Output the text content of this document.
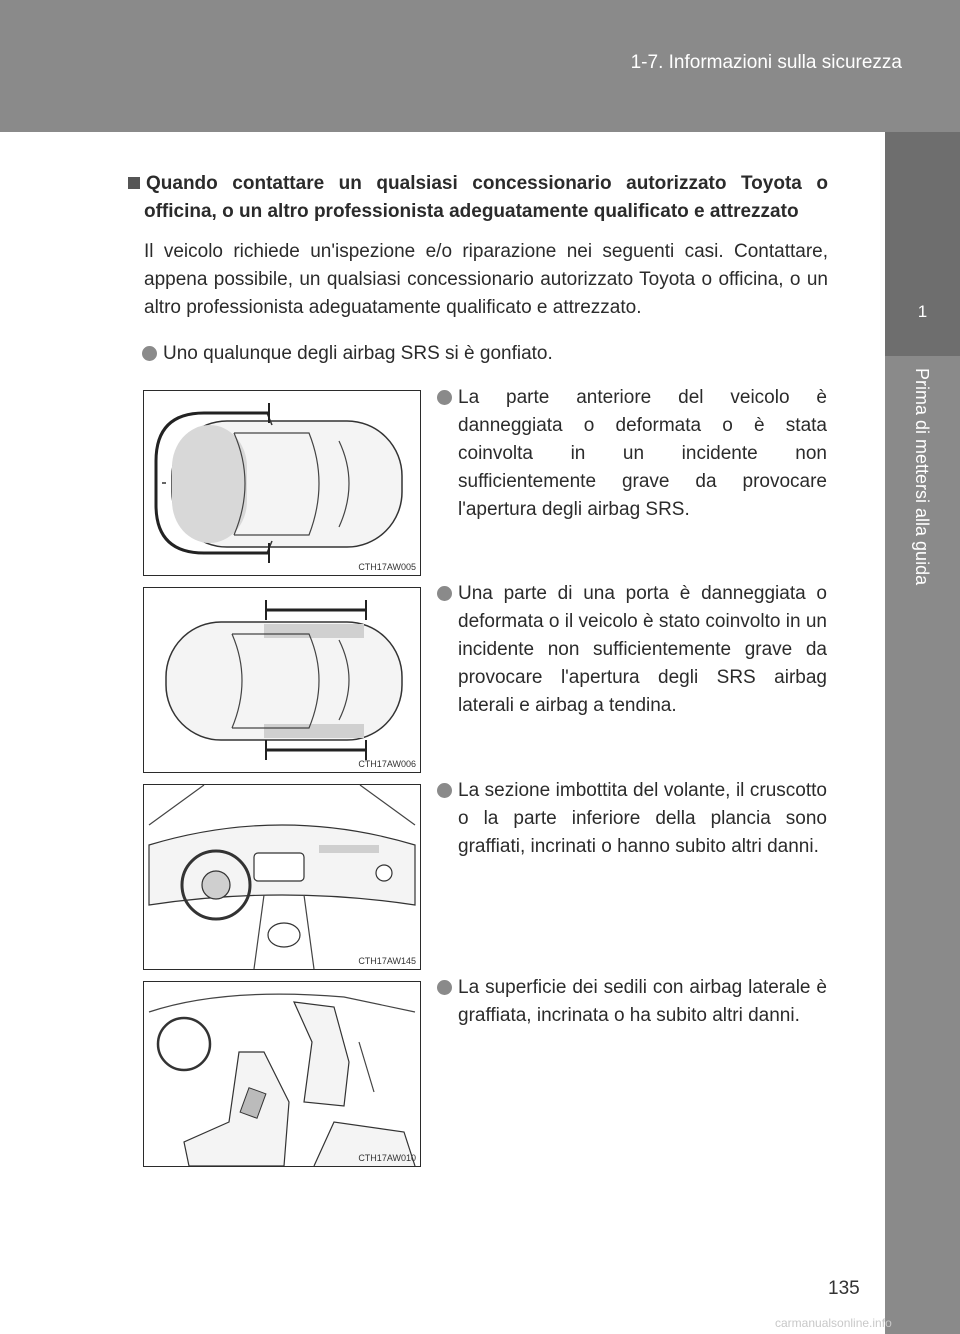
1-7. Informazioni sulla sicurezza
1
Prima di mettersi alla guida
Quando contattare un qualsiasi concessionario autorizzato Toyota o officina, o un altro professionista adeguatamente qualificato e attrezzato
Il veicolo richiede un'ispezione e/o riparazione nei seguenti casi. Contattare, appena possibile, un qualsiasi concessionario autorizzato Toyota o officina, o un altro professionista adeguatamente qualificato e attrezzato.
Uno qualunque degli airbag SRS si è gonfiato.
CTH17AW005
La parte anteriore del veicolo è danneggiata o deformata o è stata coinvolta in un incidente non sufficientemente grave da provocare l'apertura degli airbag SRS.
CTH17AW006
Una parte di una porta è danneggiata o deformata o il veicolo è stato coinvolto in un incidente non sufficientemente grave da provocare l'apertura degli SRS airbag laterali e airbag a tendina.
CTH17AW145
La sezione imbottita del volante, il cruscotto o la parte inferiore della plancia sono graffiati, incrinati o hanno subito altri danni.
CTH17AW010
La superficie dei sedili con airbag laterale è graffiata, incrinata o ha subito altri danni.
135
carmanualsonline.info
